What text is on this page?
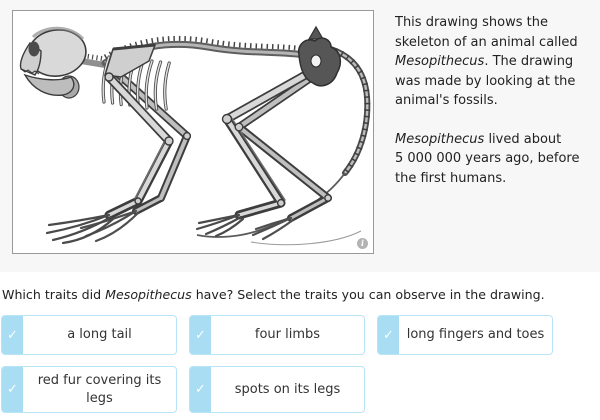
i

This drawing shows the
skeleton of an animal called
Mesopithecus. The drawing
was made by looking at the
animal's fossils.

Mesopithecus lived about
5 000 000 years ago, before
the first humans.

Which traits did Mesopithecus have? Select the traits you can observe in the drawing.
✓	a long tail	✓	four limbs	✓ long fingers and toes
✓
red fur covering its legs
✓	spots on its legs
